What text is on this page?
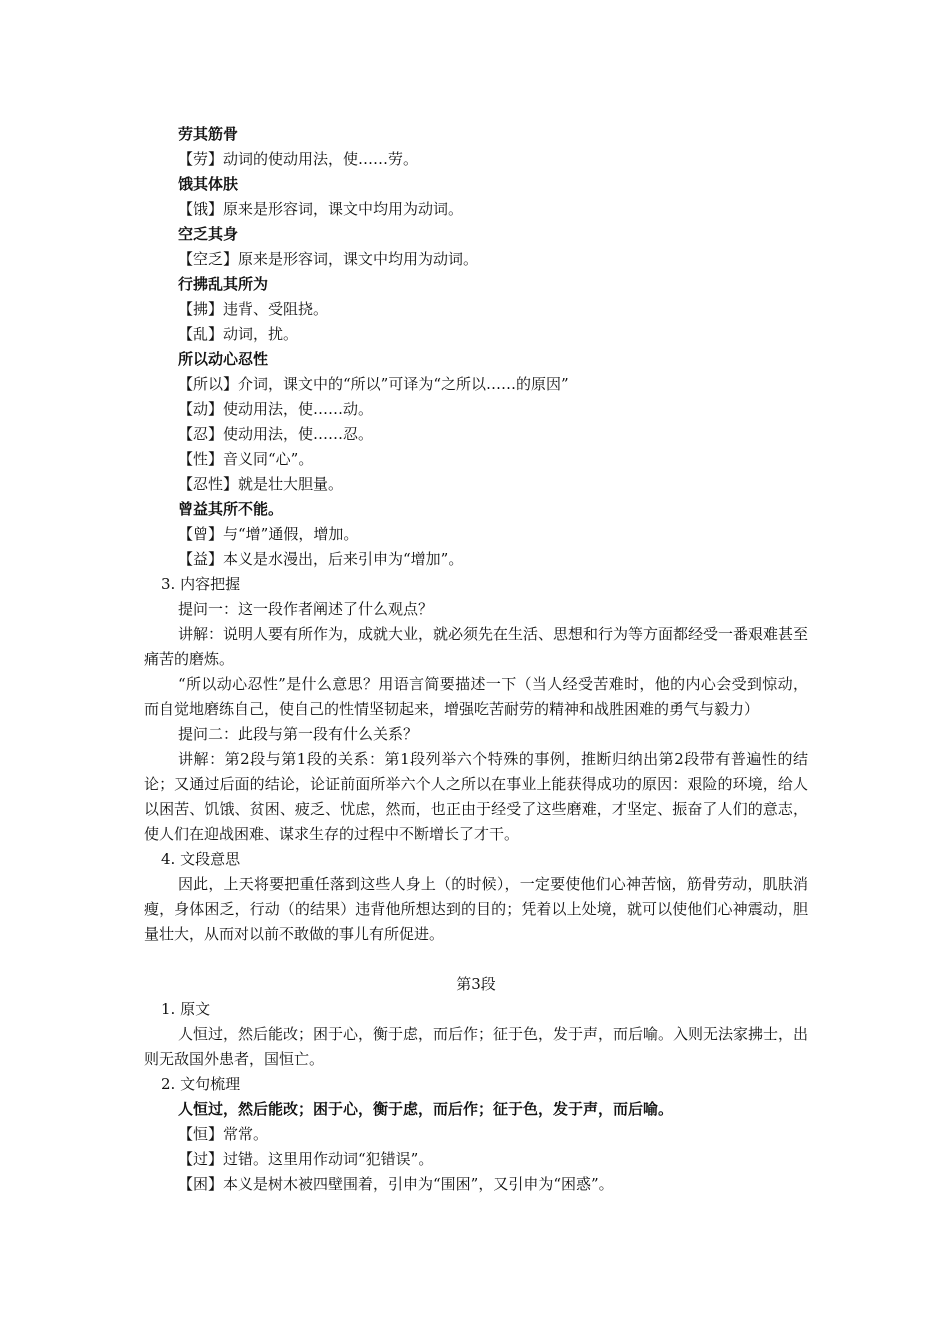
劳其筋骨

【劳】动词的使动用法，使……劳。

饿其体肤

【饿】原来是形容词，课文中均用为动词。

空乏其身

【空乏】原来是形容词，课文中均用为动词。

行拂乱其所为

【拂】违背、受阻挠。

【乱】动词，扰。

所以动心忍性

【所以】介词，课文中的“所以”可译为“之所以……的原因”

【动】使动用法，使……动。

【忍】使动用法，使……忍。

【性】音义同“心”。

【忍性】就是壮大胆量。

曾益其所不能。

【曾】与“增”通假，增加。

【益】本义是水漫出，后来引申为“增加”。

3. 内容把握

提问一：这一段作者阐述了什么观点？

讲解：说明人要有所作为，成就大业，就必须先在生活、思想和行为等方面都经受一番艰难甚至痛苦的磨炼。

“所以动心忍性”是什么意思？用语言简要描述一下（当人经受苦难时，他的内心会受到惊动，而自觉地磨练自己，使自己的性情坚韧起来，增强吃苦耐劳的精神和战胜困难的勇气与毅力）

提问二：此段与第一段有什么关系？

讲解：第2段与第1段的关系：第1段列举六个特殊的事例，推断归纳出第2段带有普遍性的结论；又通过后面的结论，论证前面所举六个人之所以在事业上能获得成功的原因：艰险的环境，给人以困苦、饥饿、贫困、疲乏、忧虑，然而，也正由于经受了这些磨难，才坚定、振奋了人们的意志，使人们在迎战困难、谋求生存的过程中不断增长了才干。

4. 文段意思

因此，上天将要把重任落到这些人身上（的时候），一定要使他们心神苦恼，筋骨劳动，肌肤消瘦，身体困乏，行动（的结果）违背他所想达到的目的；凭着以上处境，就可以使他们心神震动，胆量壮大，从而对以前不敢做的事儿有所促进。

第3段

1. 原文

人恒过，然后能改；困于心，衡于虑，而后作；征于色，发于声，而后喻。入则无法家拂士，出则无敌国外患者，国恒亡。

2. 文句梳理

人恒过，然后能改；困于心，衡于虑，而后作；征于色，发于声，而后喻。

【恒】常常。

【过】过错。这里用作动词“犯错误”。

【困】本义是树木被四壁围着，引申为“围困”，又引申为“困惑”。
